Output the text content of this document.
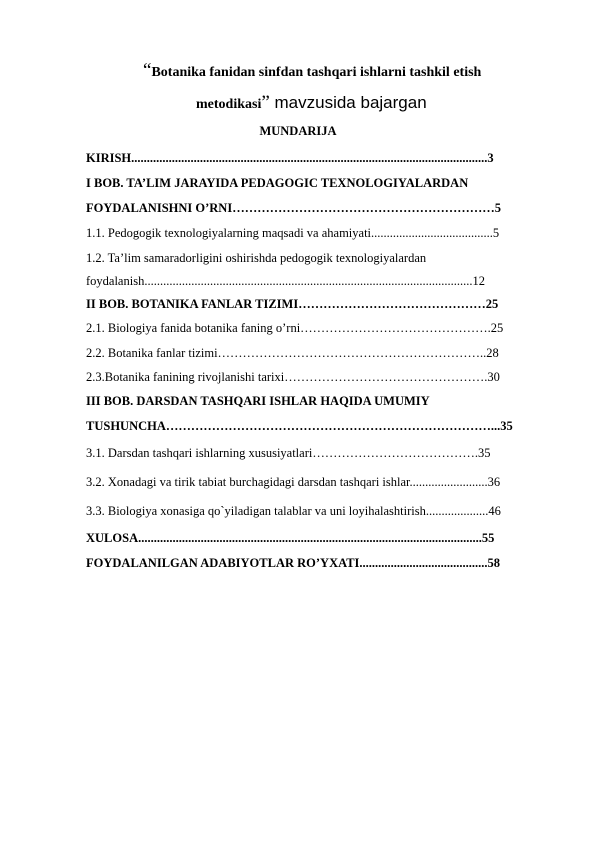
“Botanika fanidan sinfdan tashqari ishlarni tashkil etish
metodikasi” mavzusida bajargan
MUNDARIJA
KIRISH..................................................................................................................3
I BOB. TA’LIM JARAYIDA PEDAGOGIC TEXNOLOGIYALARDAN
FOYDALANISHNI O’RNI………………………………………………………5
1.1. Pedogogik texnologiyalarning maqsadi va ahamiyati.......................................5
1.2. Ta’lim samaradorligini oshirishda pedogogik texnologiyalardan
foydalanish.........................................................................................................12
II BOB. BOTANIKA FANLAR TIZIMI………………………………………25
2.1. Biologiya fanida botanika faning o’rni……………………………………….25
2.2. Botanika fanlar tizimi………………………………………………………..28
2.3.Botanika fanining rivojlanishi tarixi………………………………………….30
III BOB. DARSDAN TASHQARI ISHLAR HAQIDA UMUMIY
TUSHUNCHA……………………………………………………………………...35
3.1. Darsdan tashqari ishlarning xususiyatlari………………………………….35
3.2. Xonadagi va tirik tabiat burchagidagi darsdan tashqari ishlar.........................36
3.3. Biologiya xonasiga qo`yiladigan talablar va uni loyihalashtirish....................46
XULOSA..............................................................................................................55
FOYDALANILGAN ADABIYOTLAR RO’YXATI.........................................58
